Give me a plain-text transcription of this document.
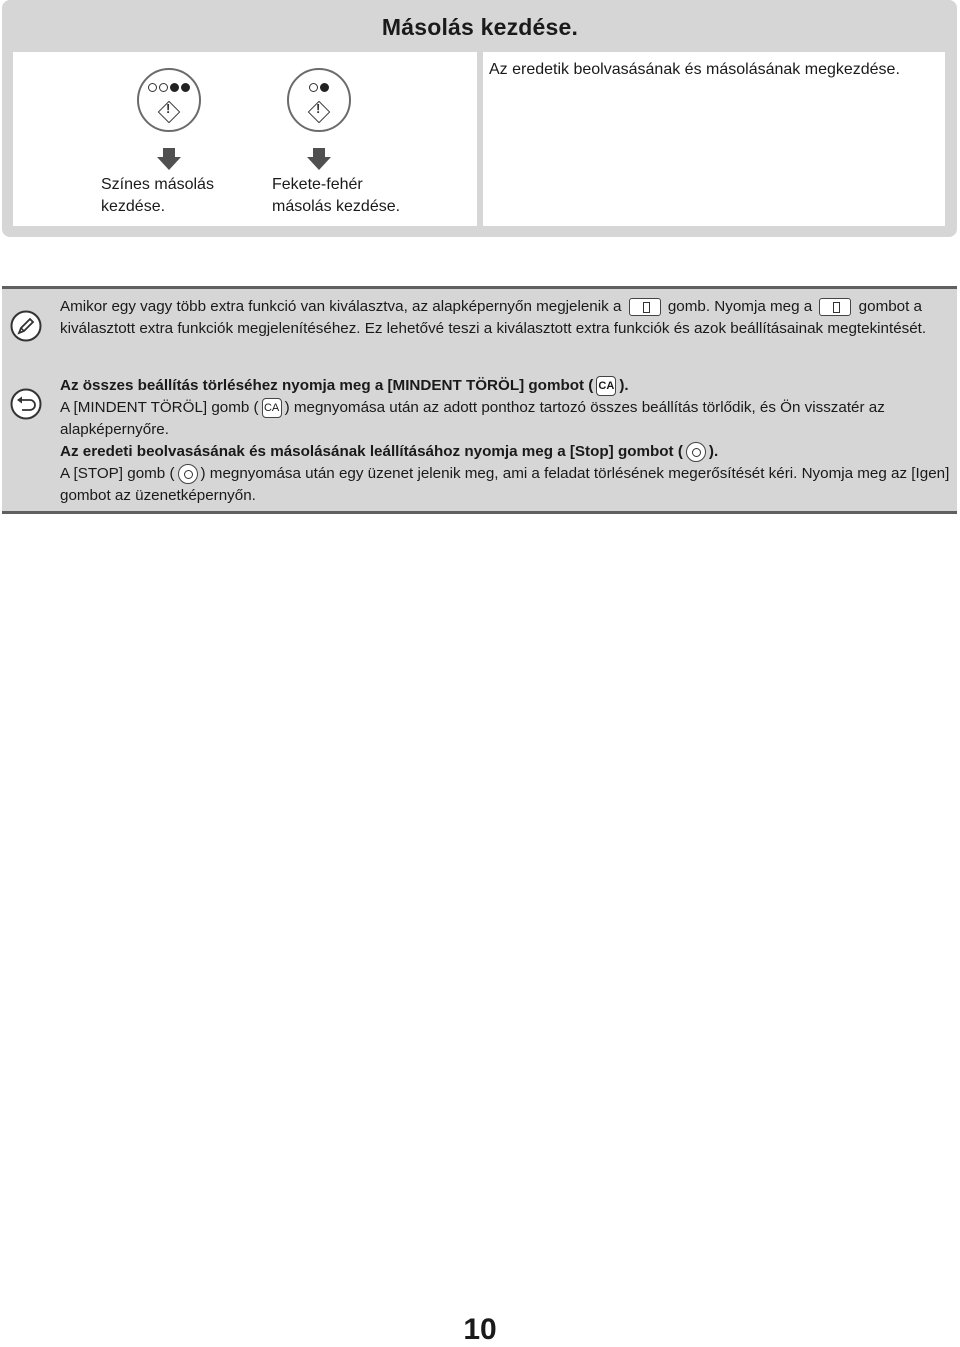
Másolás kezdése.
!
Színes másolás
kezdése.
!
Fekete-fehér
másolás kezdése.
Az eredetik beolvasásának és másolásának megkezdése.
Amikor egy vagy több extra funkció van kiválasztva, az alapképernyőn megjelenik a	gomb. Nyomja meg a	gombot a kiválasztott extra funkciók megjelenítéséhez. Ez lehetővé teszi a kiválasztott extra funkciók és azok beállításainak megtekintését.
Az összes beállítás törléséhez nyomja meg a [MINDENT TÖRÖL] gombot ( CA ).
A [MINDENT TÖRÖL] gomb ( CA ) megnyomása után az adott ponthoz tartozó összes beállítás törlődik, és Ön visszatér az alapképernyőre.
Az eredeti beolvasásának és másolásának leállításához nyomja meg a [Stop] gombot ( ).
A [STOP] gomb ( ) megnyomása után egy üzenet jelenik meg, ami a feladat törlésének megerősítését kéri. Nyomja meg az [Igen] gombot az üzenetképernyőn.
10
